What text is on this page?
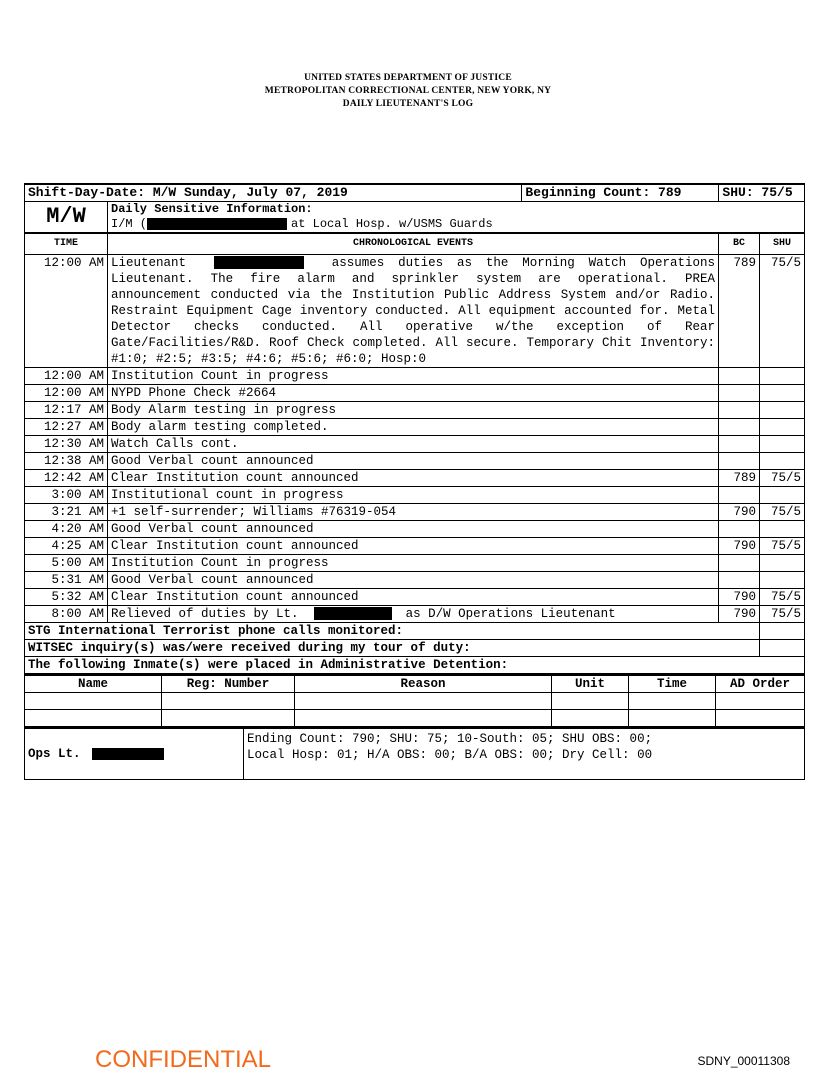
UNITED STATES DEPARTMENT OF JUSTICE
METROPOLITAN CORRECTIONAL CENTER, NEW YORK, NY
DAILY LIEUTENANT'S LOG
Shift-Day-Date: M/W Sunday, July 07, 2019		Beginning Count: 789	SHU: 75/5
M/W	Daily Sensitive Information:
I/M ( at Local Hosp. w/USMS Guards		
TIME	CHRONOLOGICAL EVENTS	BC	SHU
12:00 AM	Lieutenant assumes duties as the Morning Watch Operations Lieutenant. The fire alarm and sprinkler system are operational. PREA announcement conducted via the Institution Public Address System and/or Radio. Restraint Equipment Cage inventory conducted. All equipment accounted for. Metal Detector checks conducted. All operative w/the exception of Rear Gate/Facilities/R&D. Roof Check completed. All secure. Temporary Chit Inventory: #1:0; #2:5; #3:5; #4:6; #5:6; #6:0; Hosp:0	789	75/5
12:00 AM	Institution Count in progress		
12:00 AM	NYPD Phone Check #2664		
12:17 AM	Body Alarm testing in progress		
12:27 AM	Body alarm testing completed.		
12:30 AM	Watch Calls cont.		
12:38 AM	Good Verbal count announced		
12:42 AM	Clear Institution count announced	789	75/5
3:00 AM	Institutional count in progress		
3:21 AM	+1 self-surrender; Williams #76319-054	790	75/5
4:20 AM	Good Verbal count announced		
4:25 AM	Clear Institution count announced	790	75/5
5:00 AM	Institution Count in progress		
5:31 AM	Good Verbal count announced		
5:32 AM	Clear Institution count announced	790	75/5
8:00 AM	Relieved of duties by Lt. as D/W Operations Lieutenant	790	75/5
STG International Terrorist phone calls monitored:			
WITSEC inquiry(s) was/were received during my tour of duty:			
The following Inmate(s) were placed in Administrative Detention:			
Name	Reg: Number	Reason	Unit	Time	AD Order

Ops Lt.	
Ending Count: 790; SHU: 75; 10-South: 05; SHU OBS: 00;
Local Hosp: 01; H/A OBS: 00; B/A OBS: 00; Dry Cell: 00
CONFIDENTIAL	SDNY_00011308
